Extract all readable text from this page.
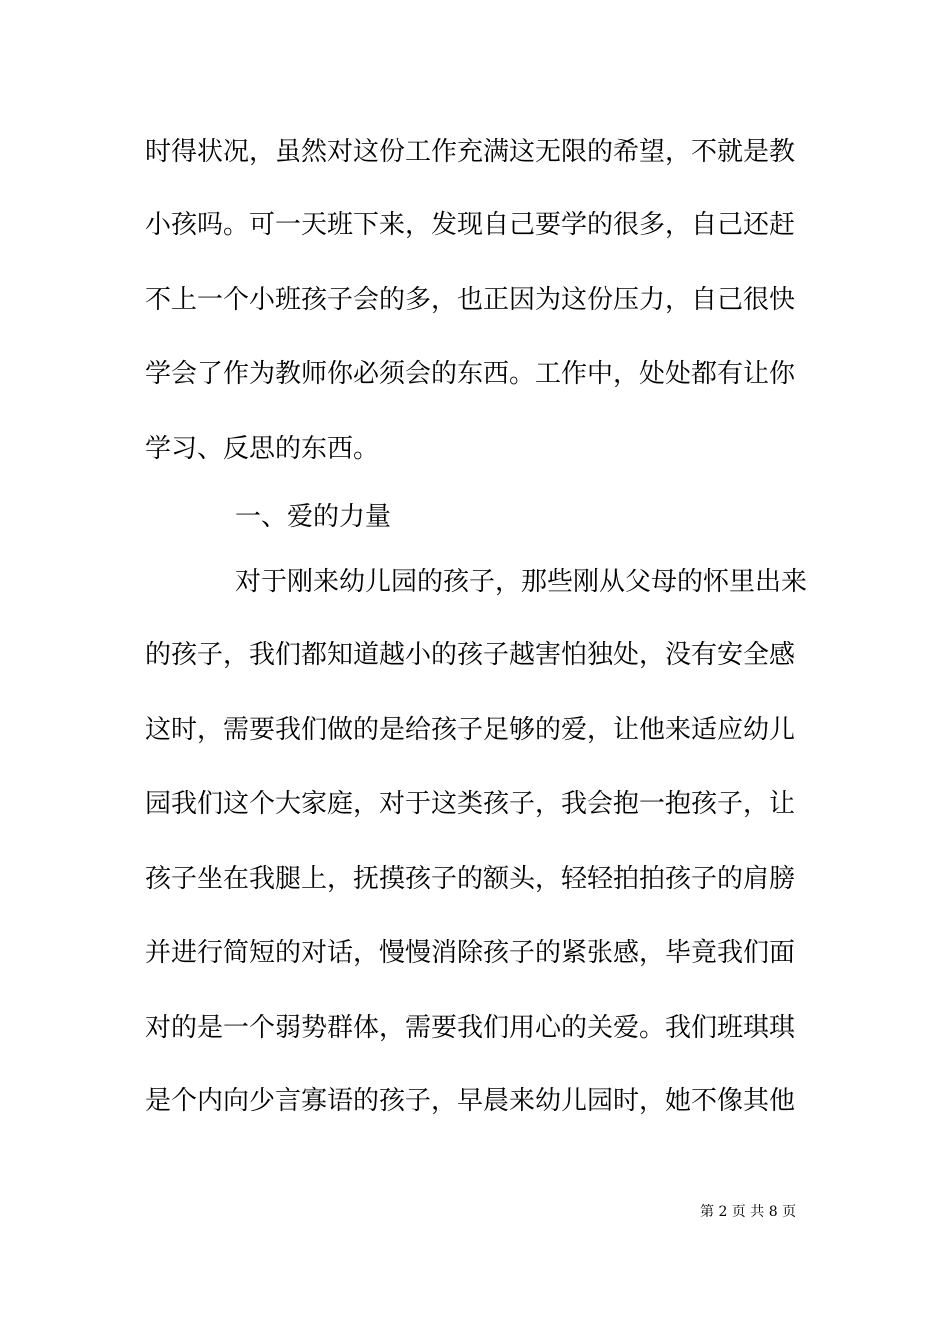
时得状况，虽然对这份工作充满这无限的希望，不就是教
小孩吗。可一天班下来，发现自己要学的很多，自己还赶
不上一个小班孩子会的多，也正因为这份压力，自己很快
学会了作为教师你必须会的东西。工作中，处处都有让你
学习、反思的东西。
一、爱的力量
对于刚来幼儿园的孩子，那些刚从父母的怀里出来
的孩子，我们都知道越小的孩子越害怕独处，没有安全感
这时，需要我们做的是给孩子足够的爱，让他来适应幼儿
园我们这个大家庭，对于这类孩子，我会抱一抱孩子，让
孩子坐在我腿上，抚摸孩子的额头，轻轻拍拍孩子的肩膀
并进行简短的对话，慢慢消除孩子的紧张感，毕竟我们面
对的是一个弱势群体，需要我们用心的关爱。我们班琪琪
是个内向少言寡语的孩子，早晨来幼儿园时，她不像其他
第 2 页 共 8 页
